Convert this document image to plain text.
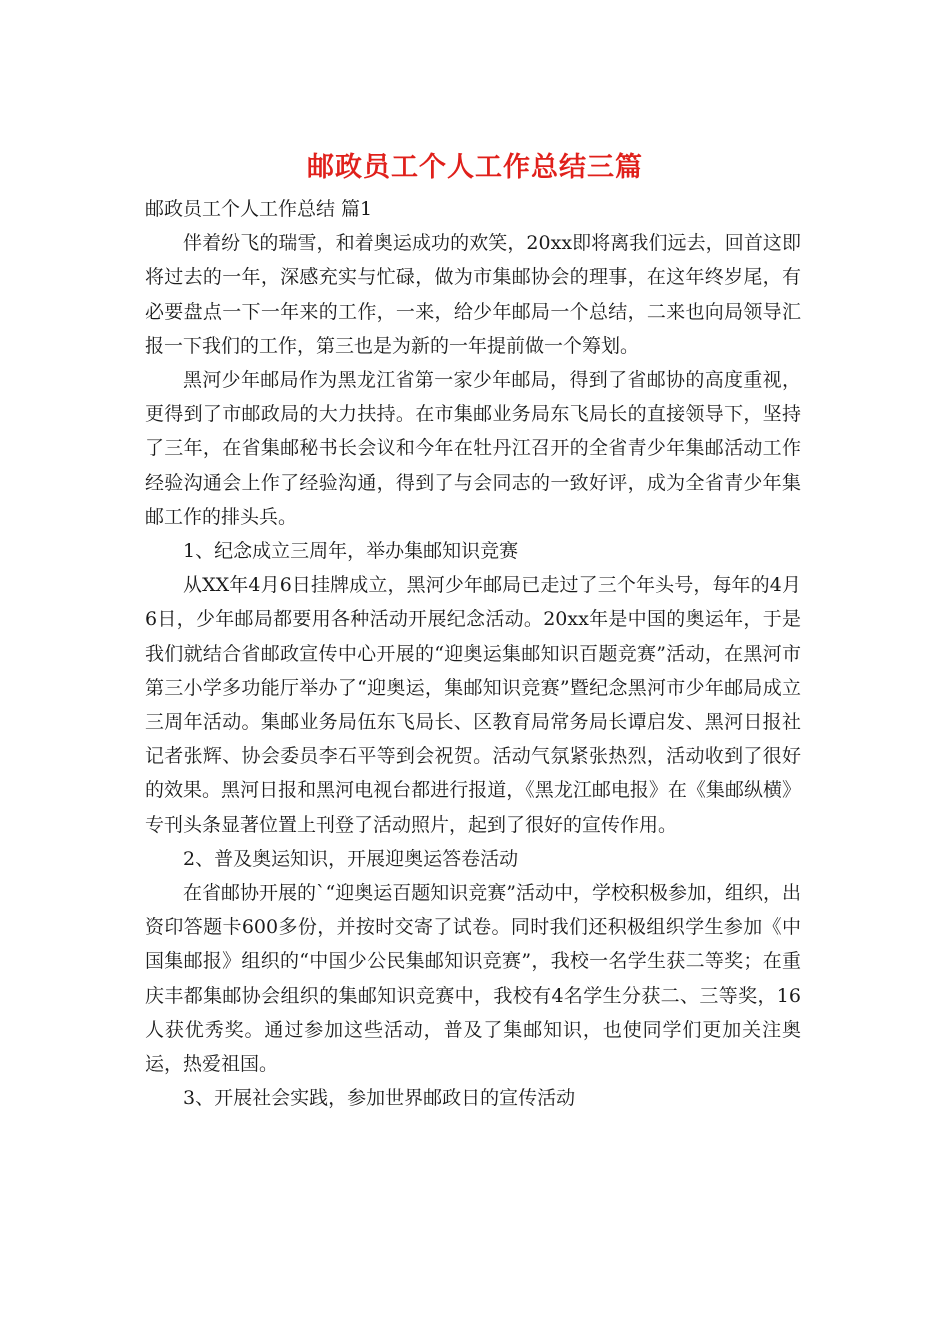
邮政员工个人工作总结三篇

邮政员工个人工作总结 篇1

伴着纷飞的瑞雪，和着奥运成功的欢笑，20xx即将离我们远去，回首这即将过去的一年，深感充实与忙碌，做为市集邮协会的理事，在这年终岁尾，有必要盘点一下一年来的工作，一来，给少年邮局一个总结，二来也向局领导汇报一下我们的工作，第三也是为新的一年提前做一个筹划。

黑河少年邮局作为黑龙江省第一家少年邮局，得到了省邮协的高度重视，更得到了市邮政局的大力扶持。在市集邮业务局东飞局长的直接领导下，坚持了三年，在省集邮秘书长会议和今年在牡丹江召开的全省青少年集邮活动工作经验沟通会上作了经验沟通，得到了与会同志的一致好评，成为全省青少年集邮工作的排头兵。

1、纪念成立三周年，举办集邮知识竞赛

从XX年4月6日挂牌成立，黑河少年邮局已走过了三个年头号，每年的4月6日，少年邮局都要用各种活动开展纪念活动。20xx年是中国的奥运年，于是我们就结合省邮政宣传中心开展的“迎奥运集邮知识百题竞赛”活动，在黑河市第三小学多功能厅举办了“迎奥运，集邮知识竞赛”暨纪念黑河市少年邮局成立三周年活动。集邮业务局伍东飞局长、区教育局常务局长谭启发、黑河日报社记者张辉、协会委员李石平等到会祝贺。活动气氛紧张热烈，活动收到了很好的效果。黑河日报和黑河电视台都进行报道，《黑龙江邮电报》在《集邮纵横》专刊头条显著位置上刊登了活动照片，起到了很好的宣传作用。

2、普及奥运知识，开展迎奥运答卷活动

在省邮协开展的`“迎奥运百题知识竞赛”活动中，学校积极参加，组织，出资印答题卡600多份，并按时交寄了试卷。同时我们还积极组织学生参加《中国集邮报》组织的“中国少公民集邮知识竞赛”，我校一名学生获二等奖；在重庆丰都集邮协会组织的集邮知识竞赛中，我校有4名学生分获二、三等奖，16人获优秀奖。通过参加这些活动，普及了集邮知识，也使同学们更加关注奥运，热爱祖国。

3、开展社会实践，参加世界邮政日的宣传活动
